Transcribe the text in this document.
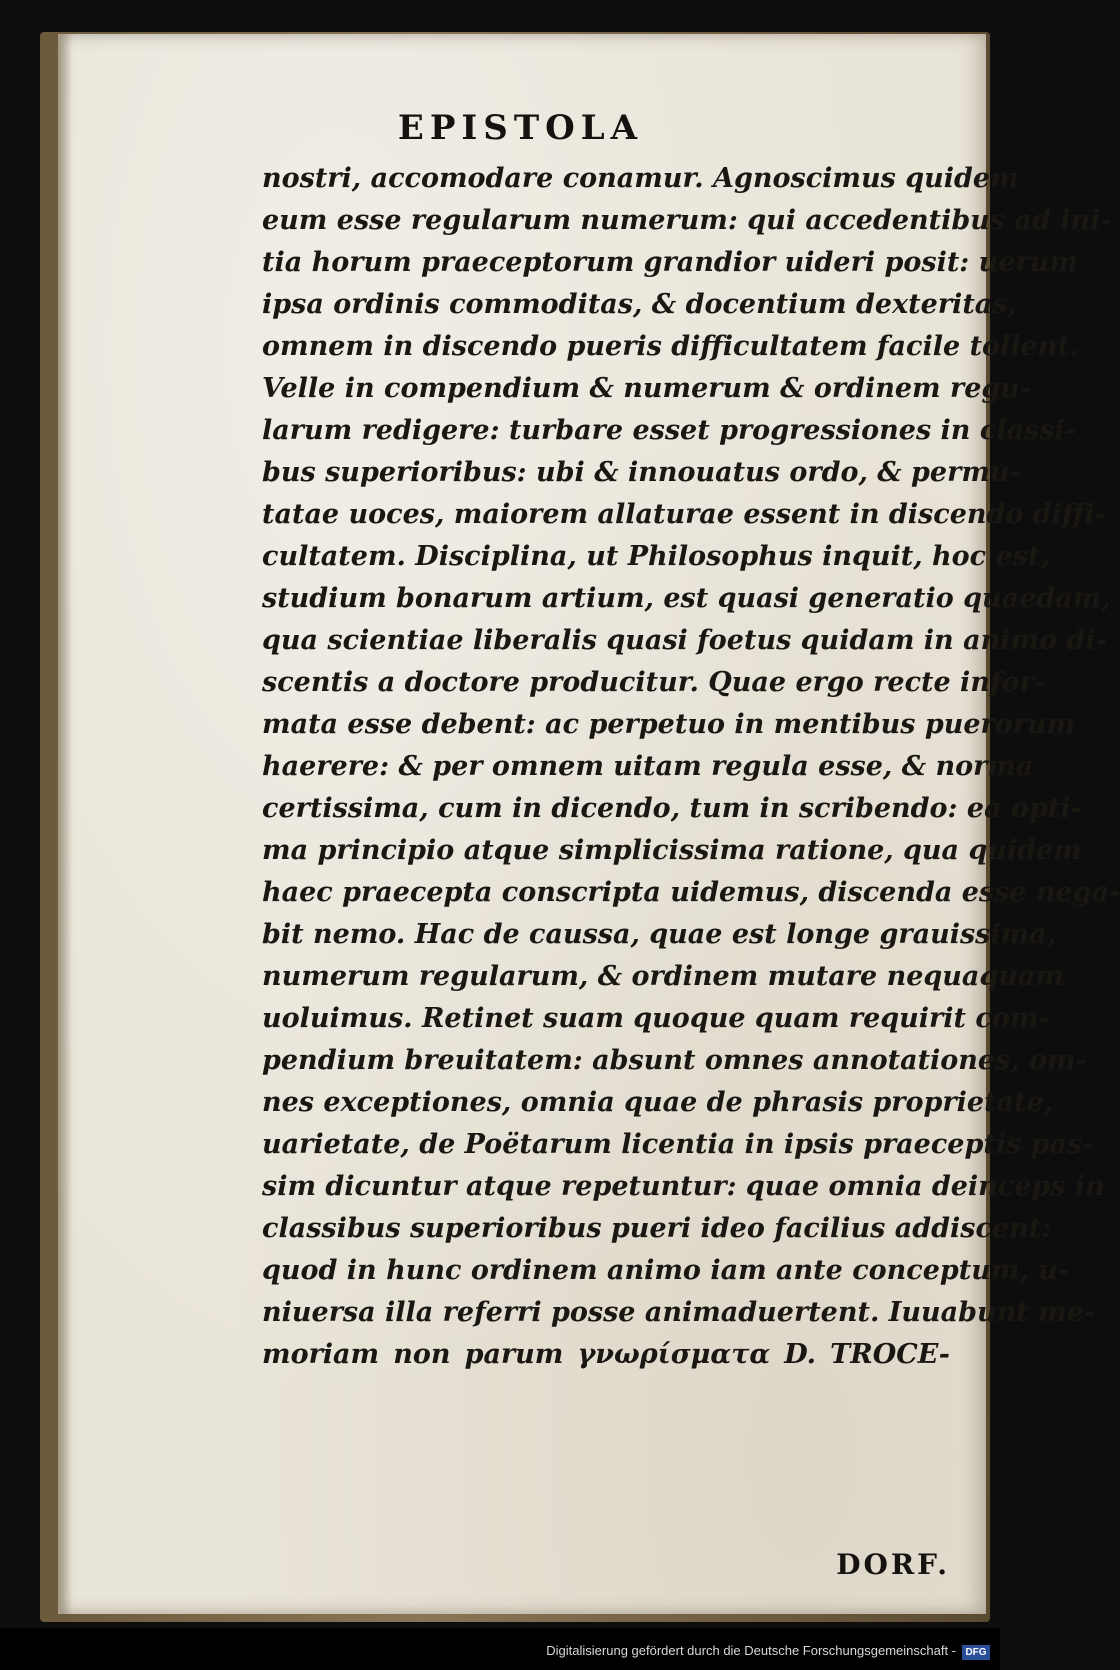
EPISTOLA
nostri, accomodare conamur. Agnoscimus quidem
eum esse regularum numerum: qui accedentibus ad ini-
tia horum praeceptorum grandior uideri posit: uerum
ipsa ordinis commoditas, & docentium dexteritas,
omnem in discendo pueris difficultatem facile tollent.
Velle in compendium & numerum & ordinem regu-
larum redigere: turbare esset progressiones in classi-
bus superioribus: ubi & innouatus ordo, & permu-
tatae uoces, maiorem allaturae essent in discendo diffi-
cultatem. Disciplina, ut Philosophus inquit, hoc est,
studium bonarum artium, est quasi generatio quaedam,
qua scientiae liberalis quasi foetus quidam in animo di-
scentis a doctore producitur. Quae ergo recte infor-
mata esse debent: ac perpetuo in mentibus puerorum
haerere: & per omnem uitam regula esse, & norma
certissima, cum in dicendo, tum in scribendo: ea opti-
ma principio atque simplicissima ratione, qua quidem
haec praecepta conscripta uidemus, discenda esse nega-
bit nemo. Hac de caussa, quae est longe grauissima,
numerum regularum, & ordinem mutare nequaquam
uoluimus. Retinet suam quoque quam requirit com-
pendium breuitatem: absunt omnes annotationes, om-
nes exceptiones, omnia quae de phrasis proprietate,
uarietate, de Poëtarum licentia in ipsis praeceptis pas-
sim dicuntur atque repetuntur: quae omnia deinceps in
classibus superioribus pueri ideo facilius addiscent:
quod in hunc ordinem animo iam ante conceptum, u-
niuersa illa referri posse animaduertent. Iuuabunt me-
moriam non parum γνωρίσματα D. TROCE-
DORF.
Digitalisierung gefördert durch die Deutsche Forschungsgemeinschaft - DFG
